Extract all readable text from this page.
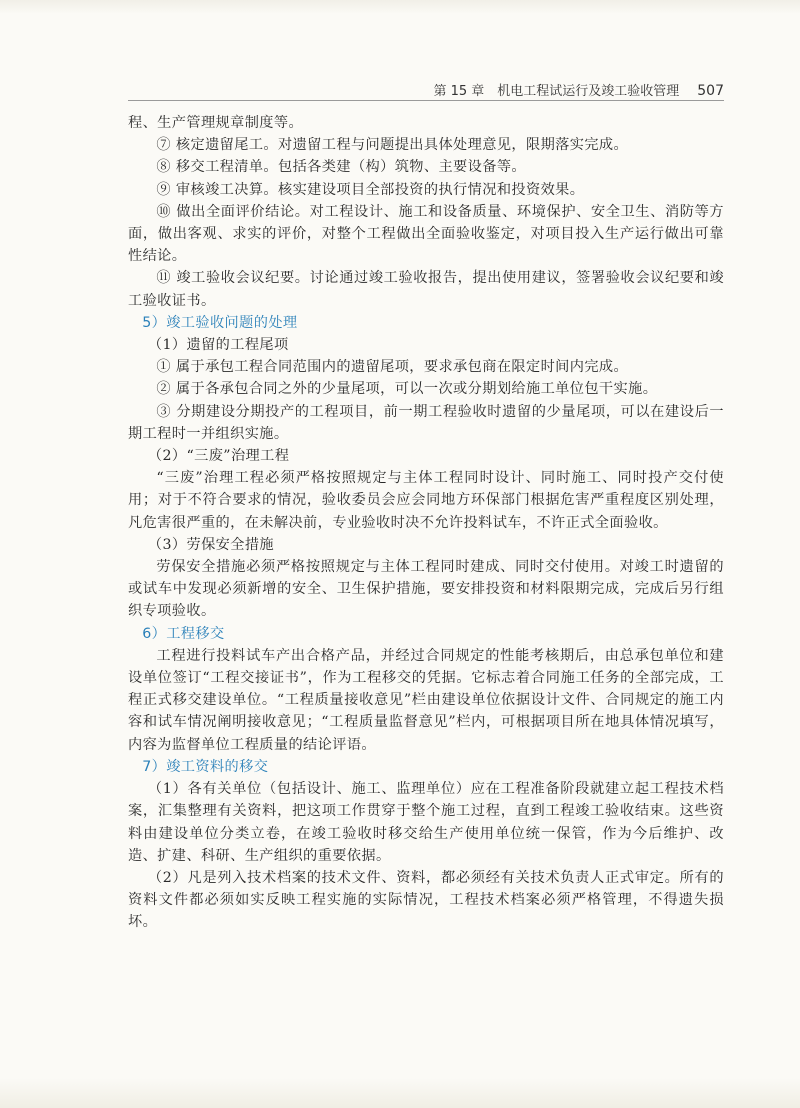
第 15 章　机电工程试运行及竣工验收管理 507

程、生产管理规章制度等。

⑦ 核定遗留尾工。对遗留工程与问题提出具体处理意见，限期落实完成。

⑧ 移交工程清单。包括各类建（构）筑物、主要设备等。

⑨ 审核竣工决算。核实建设项目全部投资的执行情况和投资效果。

⑩ 做出全面评价结论。对工程设计、施工和设备质量、环境保护、安全卫生、消防等方面，做出客观、求实的评价，对整个工程做出全面验收鉴定，对项目投入生产运行做出可靠性结论。

⑪ 竣工验收会议纪要。讨论通过竣工验收报告，提出使用建议，签署验收会议纪要和竣工验收证书。

5）竣工验收问题的处理

（1）遗留的工程尾项

① 属于承包工程合同范围内的遗留尾项，要求承包商在限定时间内完成。

② 属于各承包合同之外的少量尾项，可以一次或分期划给施工单位包干实施。

③ 分期建设分期投产的工程项目，前一期工程验收时遗留的少量尾项，可以在建设后一期工程时一并组织实施。

（2）“三废”治理工程

“三废”治理工程必须严格按照规定与主体工程同时设计、同时施工、同时投产交付使用；对于不符合要求的情况，验收委员会应会同地方环保部门根据危害严重程度区别处理，凡危害很严重的，在未解决前，专业验收时决不允许投料试车，不许正式全面验收。

（3）劳保安全措施

劳保安全措施必须严格按照规定与主体工程同时建成、同时交付使用。对竣工时遗留的或试车中发现必须新增的安全、卫生保护措施，要安排投资和材料限期完成，完成后另行组织专项验收。

6）工程移交

工程进行投料试车产出合格产品，并经过合同规定的性能考核期后，由总承包单位和建设单位签订“工程交接证书”，作为工程移交的凭据。它标志着合同施工任务的全部完成，工程正式移交建设单位。“工程质量接收意见”栏由建设单位依据设计文件、合同规定的施工内容和试车情况阐明接收意见；“工程质量监督意见”栏内，可根据项目所在地具体情况填写，内容为监督单位工程质量的结论评语。

7）竣工资料的移交

（1）各有关单位（包括设计、施工、监理单位）应在工程准备阶段就建立起工程技术档案，汇集整理有关资料，把这项工作贯穿于整个施工过程，直到工程竣工验收结束。这些资料由建设单位分类立卷，在竣工验收时移交给生产使用单位统一保管，作为今后维护、改造、扩建、科研、生产组织的重要依据。

（2）凡是列入技术档案的技术文件、资料，都必须经有关技术负责人正式审定。所有的资料文件都必须如实反映工程实施的实际情况，工程技术档案必须严格管理，不得遗失损坏。
